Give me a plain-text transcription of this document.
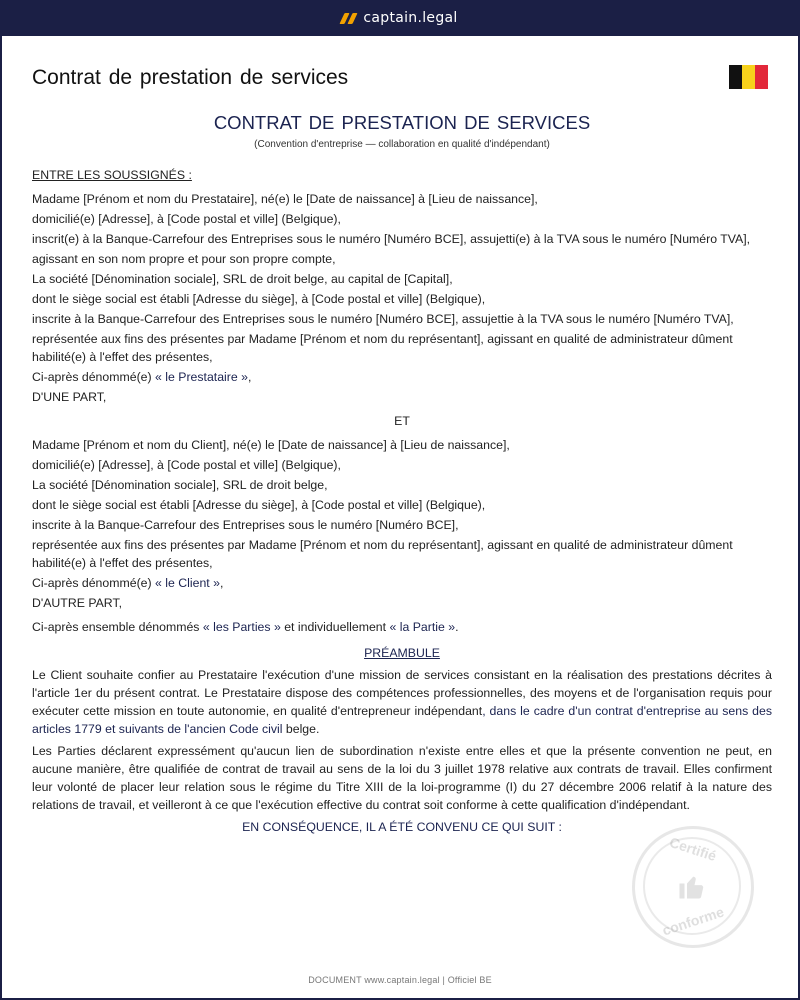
captain.legal
Contrat de prestation de services
CONTRAT DE PRESTATION DE SERVICES
(Convention d'entreprise — collaboration en qualité d'indépendant)
ENTRE LES SOUSSIGNÉS :

Madame [Prénom et nom du Prestataire], né(e) le [Date de naissance] à [Lieu de naissance],

domicilié(e) [Adresse], à [Code postal et ville] (Belgique),

inscrit(e) à la Banque-Carrefour des Entreprises sous le numéro [Numéro BCE], assujetti(e) à la TVA sous le numéro [Numéro TVA],

agissant en son nom propre et pour son propre compte,

La société [Dénomination sociale], SRL de droit belge, au capital de [Capital],

dont le siège social est établi [Adresse du siège], à [Code postal et ville] (Belgique),

inscrite à la Banque-Carrefour des Entreprises sous le numéro [Numéro BCE], assujettie à la TVA sous le numéro [Numéro TVA],

représentée aux fins des présentes par Madame [Prénom et nom du représentant], agissant en qualité de administrateur dûment habilité(e) à l'effet des présentes,

Ci-après dénommé(e) « le Prestataire »,

D'UNE PART,

ET

Madame [Prénom et nom du Client], né(e) le [Date de naissance] à [Lieu de naissance],

domicilié(e) [Adresse], à [Code postal et ville] (Belgique),

La société [Dénomination sociale], SRL de droit belge,

dont le siège social est établi [Adresse du siège], à [Code postal et ville] (Belgique),

inscrite à la Banque-Carrefour des Entreprises sous le numéro [Numéro BCE],

représentée aux fins des présentes par Madame [Prénom et nom du représentant], agissant en qualité de administrateur dûment habilité(e) à l'effet des présentes,

Ci-après dénommé(e) « le Client »,

D'AUTRE PART,

Ci-après ensemble dénommés « les Parties » et individuellement « la Partie ».

PRÉAMBULE

Le Client souhaite confier au Prestataire l'exécution d'une mission de services consistant en la réalisation des prestations décrites à l'article 1er du présent contrat. Le Prestataire dispose des compétences professionnelles, des moyens et de l'organisation requis pour exécuter cette mission en toute autonomie, en qualité d'entrepreneur indépendant, dans le cadre d'un contrat d'entreprise au sens des articles 1779 et suivants de l'ancien Code civil belge.

Les Parties déclarent expressément qu'aucun lien de subordination n'existe entre elles et que la présente convention ne peut, en aucune manière, être qualifiée de contrat de travail au sens de la loi du 3 juillet 1978 relative aux contrats de travail. Elles confirment leur volonté de placer leur relation sous le régime du Titre XIII de la loi-programme (I) du 27 décembre 2006 relatif à la nature des relations de travail, et veilleront à ce que l'exécution effective du contrat soit conforme à cette qualification d'indépendant.

EN CONSÉQUENCE, IL A ÉTÉ CONVENU CE QUI SUIT :

Certifié
conforme
DOCUMENT www.captain.legal | Officiel BE
